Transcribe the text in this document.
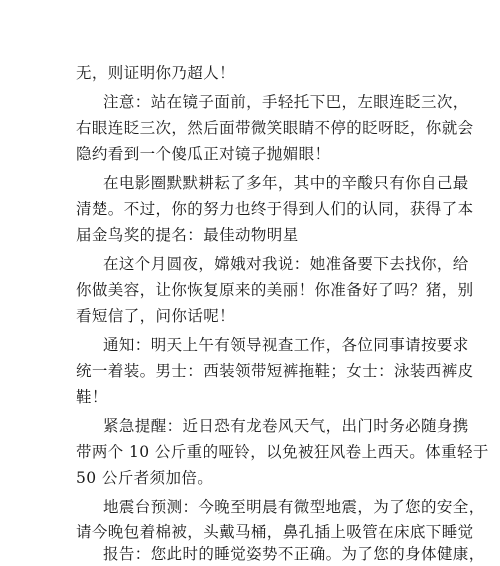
无，则证明你乃超人！
注意：站在镜子面前，手轻托下巴，左眼连眨三次，
右眼连眨三次，然后面带微笑眼睛不停的眨呀眨，你就会
隐约看到一个傻瓜正对镜子抛媚眼！
在电影圈默默耕耘了多年，其中的辛酸只有你自己最
清楚。不过，你的努力也终于得到人们的认同，获得了本
届金鸟奖的提名：最佳动物明星
在这个月圆夜，嫦娥对我说：她准备要下去找你，给
你做美容，让你恢复原来的美丽！你准备好了吗？猪，别
看短信了，问你话呢！
通知：明天上午有领导视查工作，各位同事请按要求
统一着装。男士：西装领带短裤拖鞋；女士：泳装西裤皮
鞋！
紧急提醒：近日恐有龙卷风天气，出门时务必随身携
带两个 10 公斤重的哑铃，以免被狂风卷上西天。体重轻于
50 公斤者须加倍。
地震台预测：今晚至明晨有微型地震，为了您的安全，
请今晚包着棉被，头戴马桶，鼻孔插上吸管在床底下睡觉
报告：您此时的睡觉姿势不正确。为了您的身体健康，
